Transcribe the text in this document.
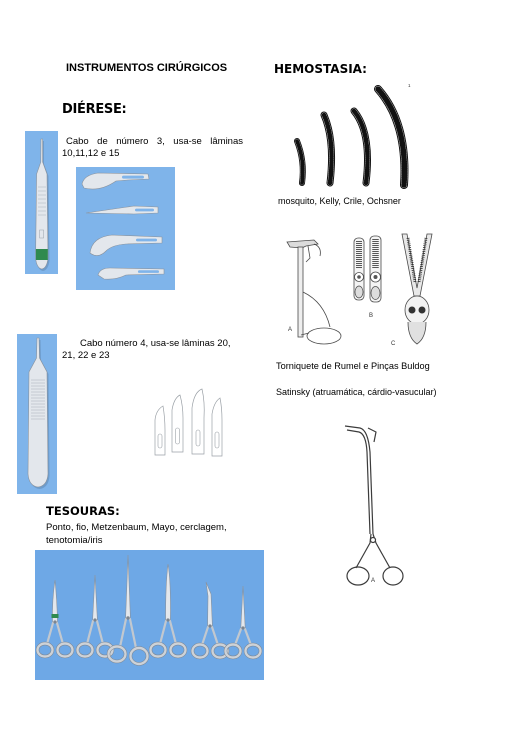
INSTRUMENTOS CIRÚRGICOS
DIÉRESE:
Cabo de número 3, usa-se lâminas
10,11,12 e 15
Cabo número 4, usa-se lâminas 20,
21, 22 e 23
TESOURAS:
Ponto, fio, Metzenbaum, Mayo, cerclagem,
tenotomia/iris
HEMOSTASIA:
1
mosquito, Kelly, Crile, Ochsner
A
B
C
Torniquete de Rumel e Pinças Buldog
Satinsky (atruamática, cárdio-vasucular)
A
